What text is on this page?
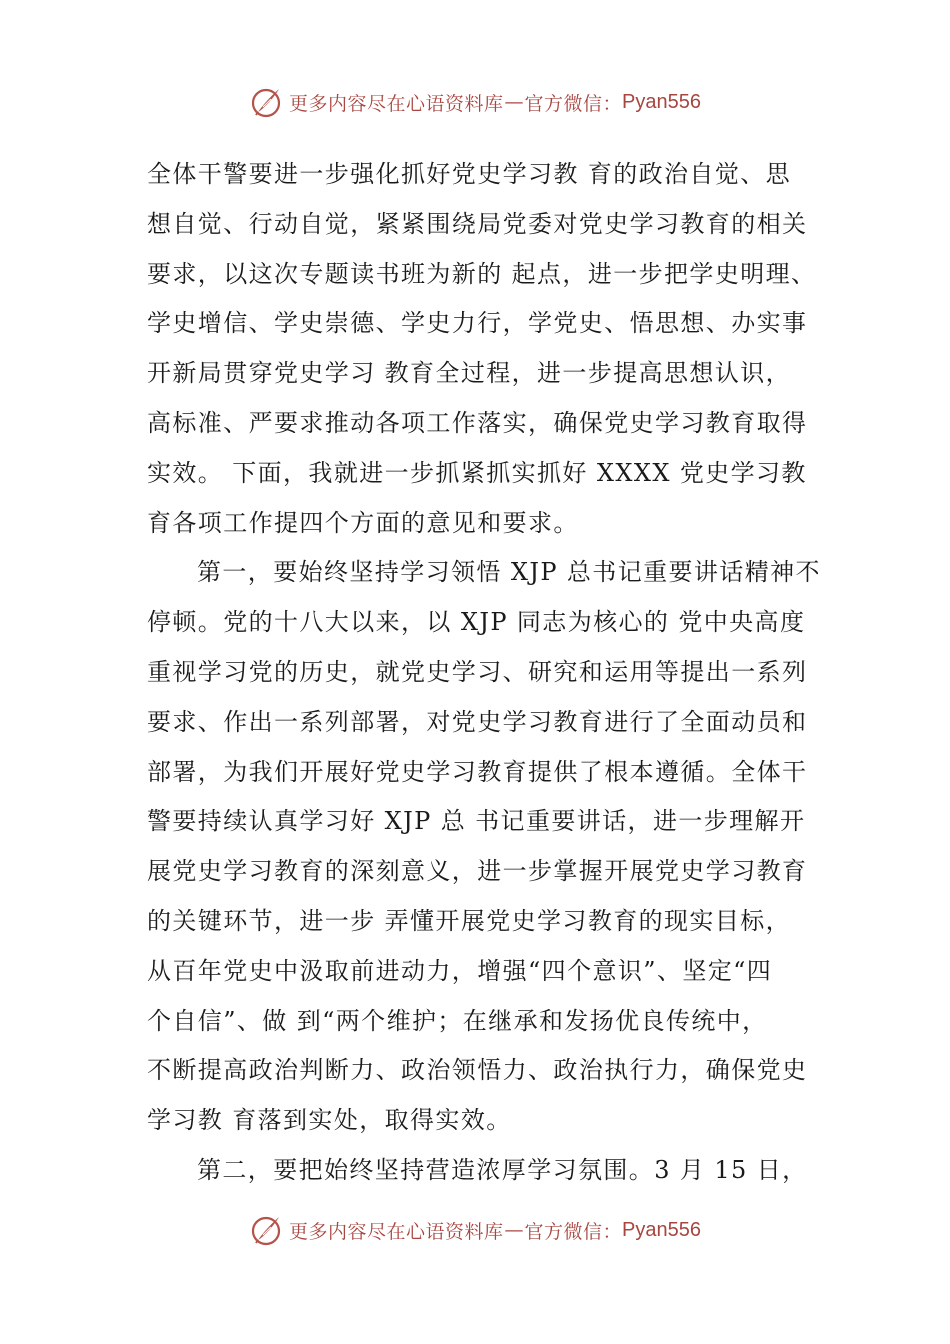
更多内容尽在心语资料库 — 官方微信： Pyan556
全体干警要进一步强化抓好党史学习教 育的政治自觉、思
想自觉、行动自觉，紧紧围绕局党委对党史学习教育的相关
要求，以这次专题读书班为新的 起点，进一步把学史明理、
学史增信、学史崇德、学史力行，学党史、悟思想、办实事
开新局贯穿党史学习 教育全过程，进一步提高思想认识，
高标准、严要求推动各项工作落实，确保党史学习教育取得
实效。 下面，我就进一步抓紧抓实抓好 XXXX 党史学习教
育各项工作提四个方面的意见和要求。
第一，要始终坚持学习领悟 XJP 总书记重要讲话精神不
停顿。党的十八大以来，以 XJP 同志为核心的 党中央高度
重视学习党的历史，就党史学习、研究和运用等提出一系列
要求、作出一系列部署，对党史学习教育进行了全面动员和
部署，为我们开展好党史学习教育提供了根本遵循。全体干
警要持续认真学习好 XJP 总 书记重要讲话，进一步理解开
展党史学习教育的深刻意义，进一步掌握开展党史学习教育
的关键环节，进一步 弄懂开展党史学习教育的现实目标，
从百年党史中汲取前进动力，增强“四个意识”、坚定“四
个自信”、做 到“两个维护；在继承和发扬优良传统中，
不断提高政治判断力、政治领悟力、政治执行力，确保党史
学习教 育落到实处，取得实效。
第二，要把始终坚持营造浓厚学习氛围。3 月 15 日，
更多内容尽在心语资料库 — 官方微信： Pyan556
